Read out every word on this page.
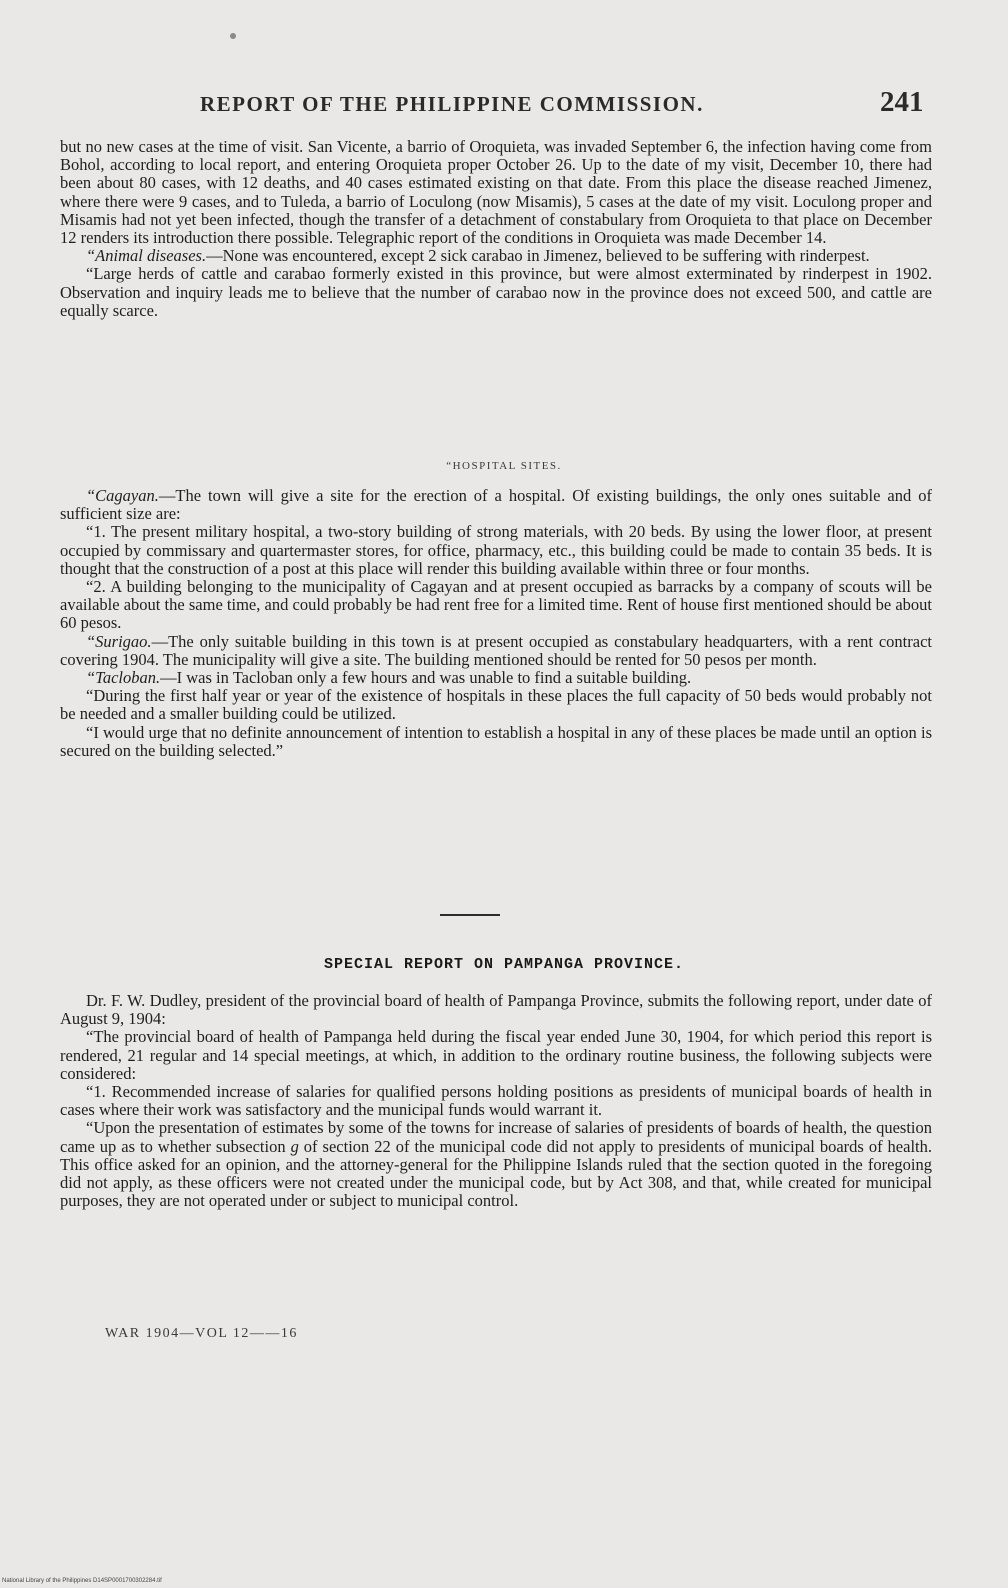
REPORT OF THE PHILIPPINE COMMISSION.	241

but no new cases at the time of visit. San Vicente, a barrio of Oroquieta, was invaded September 6, the infection having come from Bohol, according to local report, and entering Oroquieta proper October 26. Up to the date of my visit, December 10, there had been about 80 cases, with 12 deaths, and 40 cases estimated existing on that date. From this place the disease reached Jimenez, where there were 9 cases, and to Tuleda, a barrio of Loculong (now Misamis), 5 cases at the date of my visit. Loculong proper and Misamis had not yet been infected, though the transfer of a detachment of constabulary from Oroquieta to that place on December 12 renders its introduction there possible. Telegraphic report of the conditions in Oroquieta was made December 14.

“Animal diseases.—None was encountered, except 2 sick carabao in Jimenez, believed to be suffering with rinderpest.

“Large herds of cattle and carabao formerly existed in this province, but were almost exterminated by rinderpest in 1902. Observation and inquiry leads me to believe that the number of carabao now in the province does not exceed 500, and cattle are equally scarce.

“HOSPITAL SITES.

“Cagayan.—The town will give a site for the erection of a hospital. Of existing buildings, the only ones suitable and of sufficient size are:

“1. The present military hospital, a two-story building of strong materials, with 20 beds. By using the lower floor, at present occupied by commissary and quartermaster stores, for office, pharmacy, etc., this building could be made to contain 35 beds. It is thought that the construction of a post at this place will render this building available within three or four months.

“2. A building belonging to the municipality of Cagayan and at present occupied as barracks by a company of scouts will be available about the same time, and could probably be had rent free for a limited time. Rent of house first mentioned should be about 60 pesos.

“Surigao.—The only suitable building in this town is at present occupied as constabulary headquarters, with a rent contract covering 1904. The municipality will give a site. The building mentioned should be rented for 50 pesos per month.

“Tacloban.—I was in Tacloban only a few hours and was unable to find a suitable building.

“During the first half year or year of the existence of hospitals in these places the full capacity of 50 beds would probably not be needed and a smaller building could be utilized.

“I would urge that no definite announcement of intention to establish a hospital in any of these places be made until an option is secured on the building selected.”

SPECIAL REPORT ON PAMPANGA PROVINCE.

Dr. F. W. Dudley, president of the provincial board of health of Pampanga Province, submits the following report, under date of August 9, 1904:

“The provincial board of health of Pampanga held during the fiscal year ended June 30, 1904, for which period this report is rendered, 21 regular and 14 special meetings, at which, in addition to the ordinary routine business, the following subjects were considered:

“1. Recommended increase of salaries for qualified persons holding positions as presidents of municipal boards of health in cases where their work was satisfactory and the municipal funds would warrant it.

“Upon the presentation of estimates by some of the towns for increase of salaries of presidents of boards of health, the question came up as to whether subsection g of section 22 of the municipal code did not apply to presidents of municipal boards of health. This office asked for an opinion, and the attorney-general for the Philippine Islands ruled that the section quoted in the foregoing did not apply, as these officers were not created under the municipal code, but by Act 308, and that, while created for municipal purposes, they are not operated under or subject to municipal control.

WAR 1904—VOL 12——16
National Library of the Philippines D14SP0001700302284.tif
